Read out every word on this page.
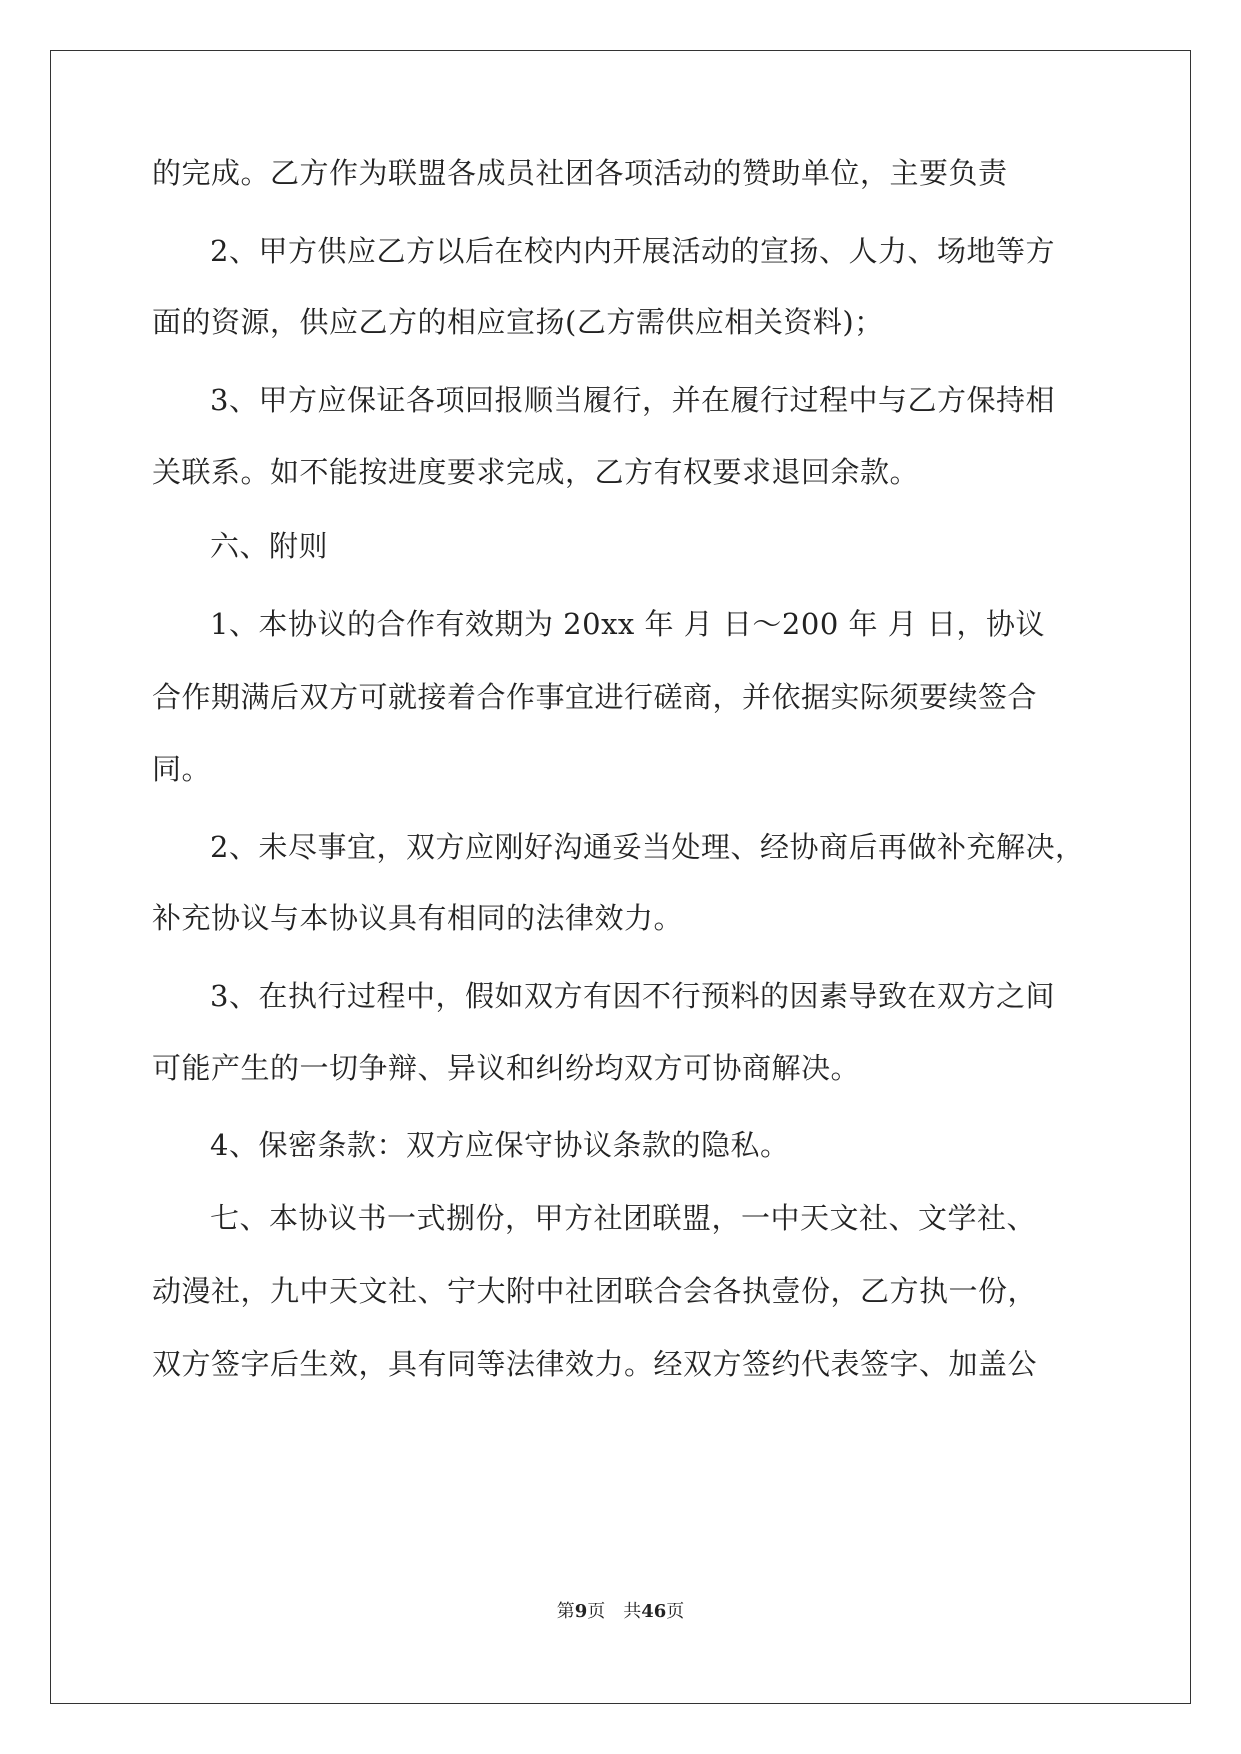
的完成。乙方作为联盟各成员社团各项活动的赞助单位，主要负责
2、甲方供应乙方以后在校内内开展活动的宣扬、人力、场地等方
面的资源，供应乙方的相应宣扬(乙方需供应相关资料)；
3、甲方应保证各项回报顺当履行，并在履行过程中与乙方保持相
关联系。如不能按进度要求完成，乙方有权要求退回余款。
六、附则
1、本协议的合作有效期为 20xx 年 月 日～200 年 月 日，协议
合作期满后双方可就接着合作事宜进行磋商，并依据实际须要续签合
同。
2、未尽事宜，双方应刚好沟通妥当处理、经协商后再做补充解决，
补充协议与本协议具有相同的法律效力。
3、在执行过程中，假如双方有因不行预料的因素导致在双方之间
可能产生的一切争辩、异议和纠纷均双方可协商解决。
4、保密条款：双方应保守协议条款的隐私。
七、本协议书一式捌份，甲方社团联盟，一中天文社、文学社、
动漫社，九中天文社、宁大附中社团联合会各执壹份，乙方执一份，
双方签字后生效，具有同等法律效力。经双方签约代表签字、加盖公
第9页 共46页
